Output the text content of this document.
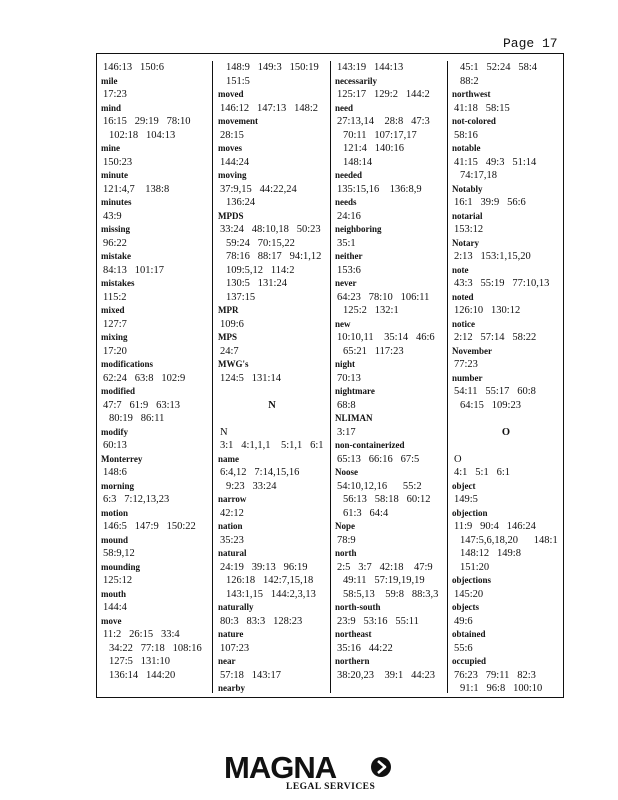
Page 17
146:13   150:6
mile
17:23
mind
16:15   29:19   78:10
102:18   104:13
mine
150:23
minute
121:4,7    138:8
minutes
43:9
missing
96:22
mistake
84:13   101:17
mistakes
115:2
mixed
127:7
mixing
17:20
modifications
62:24   63:8   102:9
modified
47:7   61:9   63:13
80:19   86:11
modify
60:13
Monterrey
148:6
morning
6:3   7:12,13,23
motion
146:5   147:9   150:22
mound
58:9,12
mounding
125:12
mouth
144:4
move
11:2   26:15   33:4
34:22   77:18   108:16
127:5   131:10
136:14   144:20
148:9   149:3   150:19
151:5
moved
146:12   147:13   148:2
movement
28:15
moves
144:24
moving
37:9,15   44:22,24
136:24
MPDS
33:24   48:10,18   50:23
59:24   70:15,22
78:16   88:17   94:1,12
109:5,12   114:2
130:5   131:24
137:15
MPR
109:6
MPS
24:7
MWG's
124:5   131:14
N
N
3:1   4:1,1,1    5:1,1   6:1
name
6:4,12   7:14,15,16
9:23   33:24
narrow
42:12
nation
35:23
natural
24:19   39:13   96:19
126:18   142:7,15,18
143:1,15   144:2,3,13
naturally
80:3   83:3   128:23
nature
107:23
near
57:18   143:17
nearby
143:19   144:13
necessarily
125:17   129:2   144:2
need
27:13,14    28:8   47:3
70:11   107:17,17
121:4   140:16
148:14
needed
135:15,16    136:8,9
needs
24:16
neighboring
35:1
neither
153:6
never
64:23   78:10   106:11
125:2   132:1
new
10:10,11    35:14   46:6
65:21   117:23
night
70:13
nightmare
68:8
NLIMAN
3:17
non-containerized
65:13   66:16   67:5
Noose
54:10,12,16      55:2
56:13   58:18   60:12
61:3   64:4
Nope
78:9
north
2:5   3:7   42:18    47:9
49:11   57:19,19,19
58:5,13    59:8   88:3,3
north-south
23:9   53:16   55:11
northeast
35:16   44:22
northern
38:20,23    39:1   44:23
45:1   52:24   58:4
88:2
northwest
41:18   58:15
not-colored
58:16
notable
41:15   49:3   51:14
74:17,18
Notably
16:1   39:9   56:6
notarial
153:12
Notary
2:13   153:1,15,20
note
43:3   55:19   77:10,13
noted
126:10   130:12
notice
2:12   57:14   58:22
November
77:23
number
54:11   55:17   60:8
64:15   109:23
O
O
4:1   5:1   6:1
object
149:5
objection
11:9   90:4   146:24
147:5,6,18,20      148:1
148:12   149:8
151:20
objections
145:20
objects
49:6
obtained
55:6
occupied
76:23   79:11   82:3
91:1   96:8   100:10
MAGNA
LEGAL SERVICES
